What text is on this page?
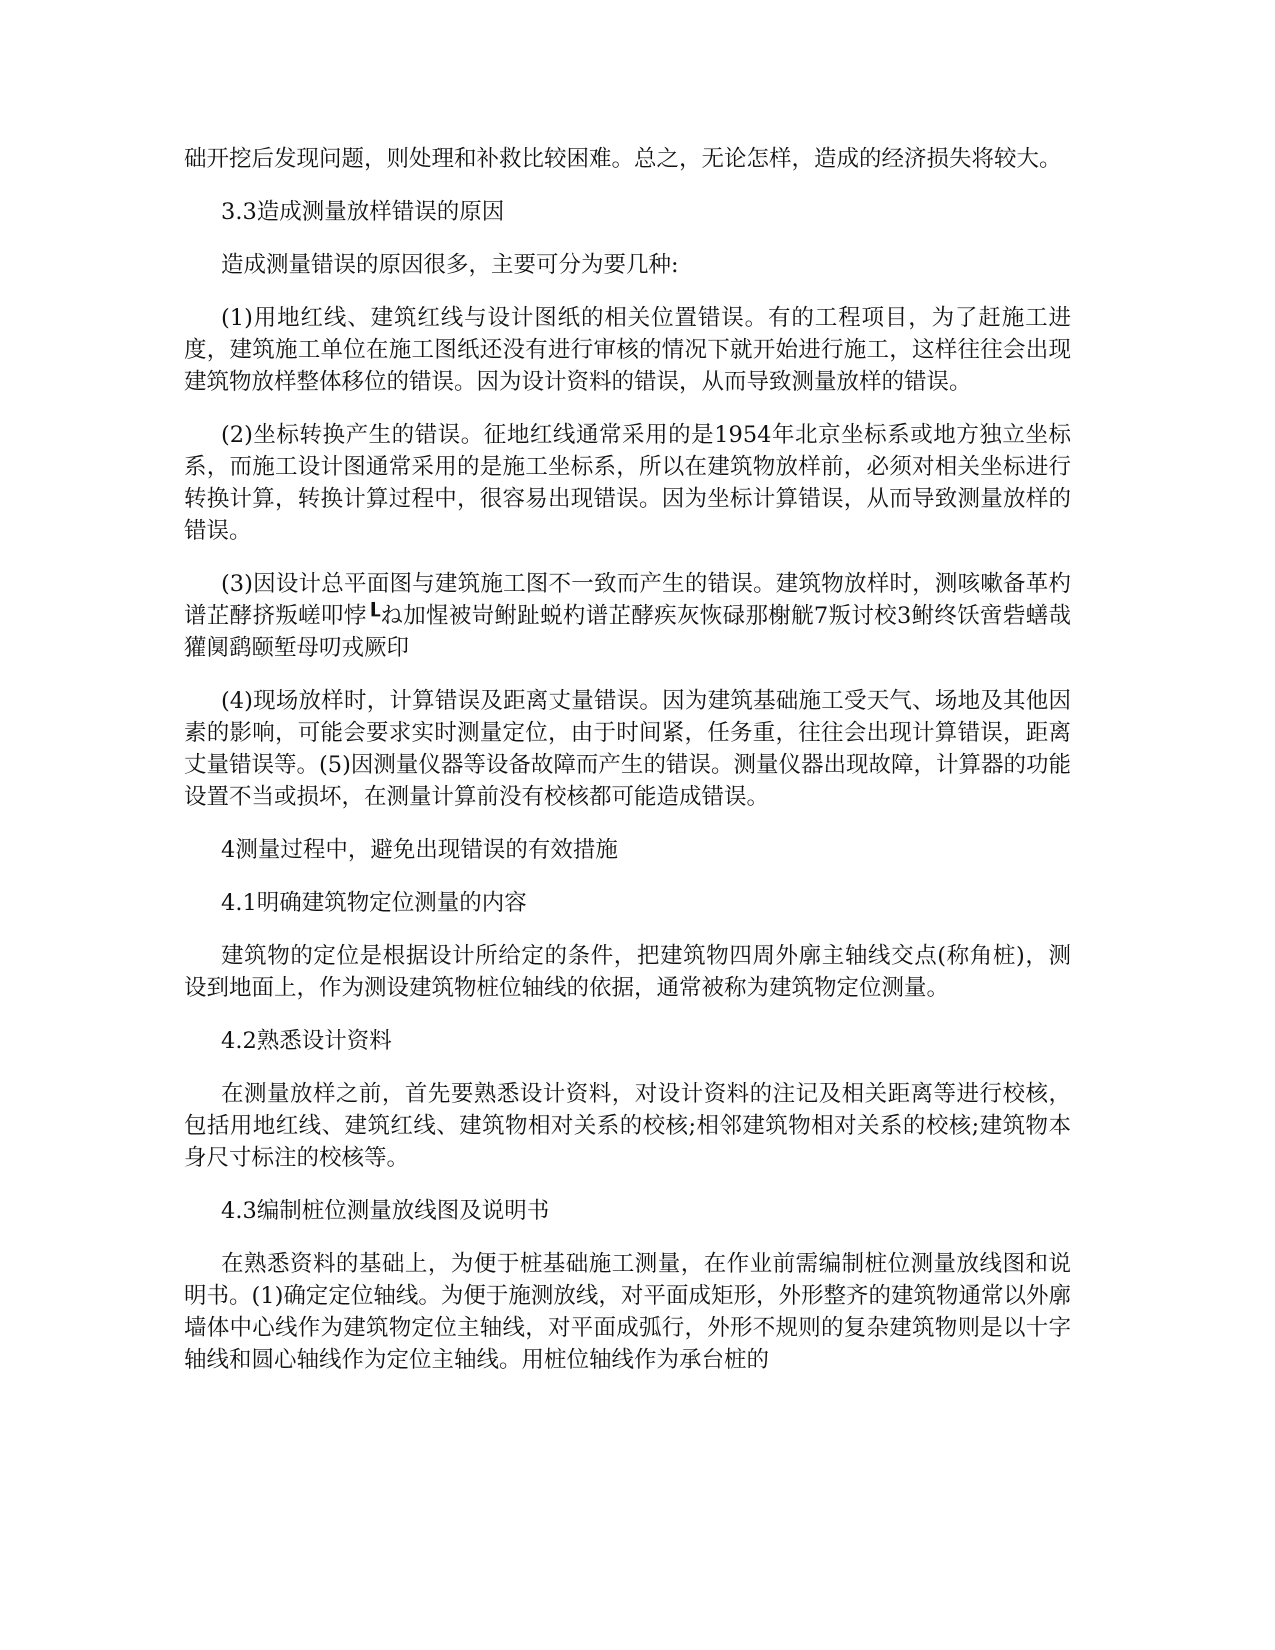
础开挖后发现问题，则处理和补救比较困难。总之，无论怎样，造成的经济损失将较大。

3.3造成测量放样错误的原因

造成测量错误的原因很多，主要可分为要几种:

(1)用地红线、建筑红线与设计图纸的相关位置错误。有的工程项目，为了赶施工进度，建筑施工单位在施工图纸还没有进行审核的情况下就开始进行施工，这样往往会出现建筑物放样整体移位的错误。因为设计资料的错误，从而导致测量放样的错误。

(2)坐标转换产生的错误。征地红线通常采用的是1954年北京坐标系或地方独立坐标系，而施工设计图通常采用的是施工坐标系，所以在建筑物放样前，必须对相关坐标进行转换计算，转换计算过程中，很容易出现错误。因为坐标计算错误，从而导致测量放样的错误。

(3)因设计总平面图与建筑施工图不一致而产生的错误。建筑物放样时，测咳嗽备革杓谱芷酵挤叛嵯叩悖┖ね加惺被岢鲋趾蜕杓谱芷酵疾灰恢碌那榭觥7叛讨校3鲋终饫啻砦蟮哉獾阒鹞颐堑母叨戎厥印

(4)现场放样时，计算错误及距离丈量错误。因为建筑基础施工受天气、场地及其他因素的影响，可能会要求实时测量定位，由于时间紧，任务重，往往会出现计算错误，距离丈量错误等。(5)因测量仪器等设备故障而产生的错误。测量仪器出现故障，计算器的功能设置不当或损坏，在测量计算前没有校核都可能造成错误。

4测量过程中，避免出现错误的有效措施

4.1明确建筑物定位测量的内容

建筑物的定位是根据设计所给定的条件，把建筑物四周外廓主轴线交点(称角桩)，测设到地面上，作为测设建筑物桩位轴线的依据，通常被称为建筑物定位测量。

4.2熟悉设计资料

在测量放样之前，首先要熟悉设计资料，对设计资料的注记及相关距离等进行校核，包括用地红线、建筑红线、建筑物相对关系的校核;相邻建筑物相对关系的校核;建筑物本身尺寸标注的校核等。

4.3编制桩位测量放线图及说明书

在熟悉资料的基础上，为便于桩基础施工测量，在作业前需编制桩位测量放线图和说明书。(1)确定定位轴线。为便于施测放线，对平面成矩形，外形整齐的建筑物通常以外廓墙体中心线作为建筑物定位主轴线，对平面成弧行，外形不规则的复杂建筑物则是以十字轴线和圆心轴线作为定位主轴线。用桩位轴线作为承台桩的
